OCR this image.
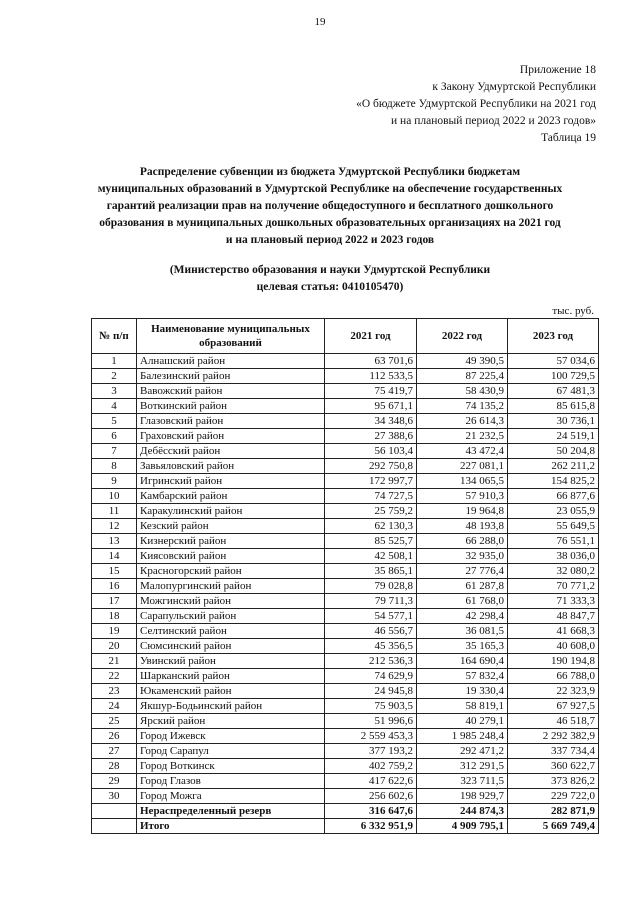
19
Приложение 18
к Закону Удмуртской Республики
«О бюджете Удмуртской Республики на 2021 год
и на плановый период 2022 и 2023 годов»
Таблица 19
Распределение субвенции из бюджета Удмуртской Республики бюджетам
муниципальных образований в Удмуртской Республике на обеспечение государственных
гарантий реализации прав на получение общедоступного и бесплатного дошкольного
образования в муниципальных дошкольных образовательных организациях на 2021 год
и на плановый период 2022 и 2023 годов
(Министерство образования и науки Удмуртской Республики
целевая статья: 0410105470)
тыс. руб.
№ п/п	Наименование муниципальных образований	2021 год	2022 год	2023 год
1	Алнашский район	63 701,6	49 390,5	57 034,6
2	Балезинский район	112 533,5	87 225,4	100 729,5
3	Вавожский район	75 419,7	58 430,9	67 481,3
4	Воткинский район	95 671,1	74 135,2	85 615,8
5	Глазовский район	34 348,6	26 614,3	30 736,1
6	Граховский район	27 388,6	21 232,5	24 519,1
7	Дебёсский район	56 103,4	43 472,4	50 204,8
8	Завьяловский район	292 750,8	227 081,1	262 211,2
9	Игринский район	172 997,7	134 065,5	154 825,2
10	Камбарский район	74 727,5	57 910,3	66 877,6
11	Каракулинский район	25 759,2	19 964,8	23 055,9
12	Кезский район	62 130,3	48 193,8	55 649,5
13	Кизнерский район	85 525,7	66 288,0	76 551,1
14	Киясовский район	42 508,1	32 935,0	38 036,0
15	Красногорский район	35 865,1	27 776,4	32 080,2
16	Малопургинский район	79 028,8	61 287,8	70 771,2
17	Можгинский район	79 711,3	61 768,0	71 333,3
18	Сарапульский район	54 577,1	42 298,4	48 847,7
19	Селтинский район	46 556,7	36 081,5	41 668,3
20	Сюмсинский район	45 356,5	35 165,3	40 608,0
21	Увинский район	212 536,3	164 690,4	190 194,8
22	Шарканский район	74 629,9	57 832,4	66 788,0
23	Юкаменский район	24 945,8	19 330,4	22 323,9
24	Якшур-Бодьинский район	75 903,5	58 819,1	67 927,5
25	Ярский район	51 996,6	40 279,1	46 518,7
26	Город Ижевск	2 559 453,3	1 985 248,4	2 292 382,9
27	Город Сарапул	377 193,2	292 471,2	337 734,4
28	Город Воткинск	402 759,2	312 291,5	360 622,7
29	Город Глазов	417 622,6	323 711,5	373 826,2
30	Город Можга	256 602,6	198 929,7	229 722,0
	Нераспределенный резерв	316 647,6	244 874,3	282 871,9
	Итого	6 332 951,9	4 909 795,1	5 669 749,4
